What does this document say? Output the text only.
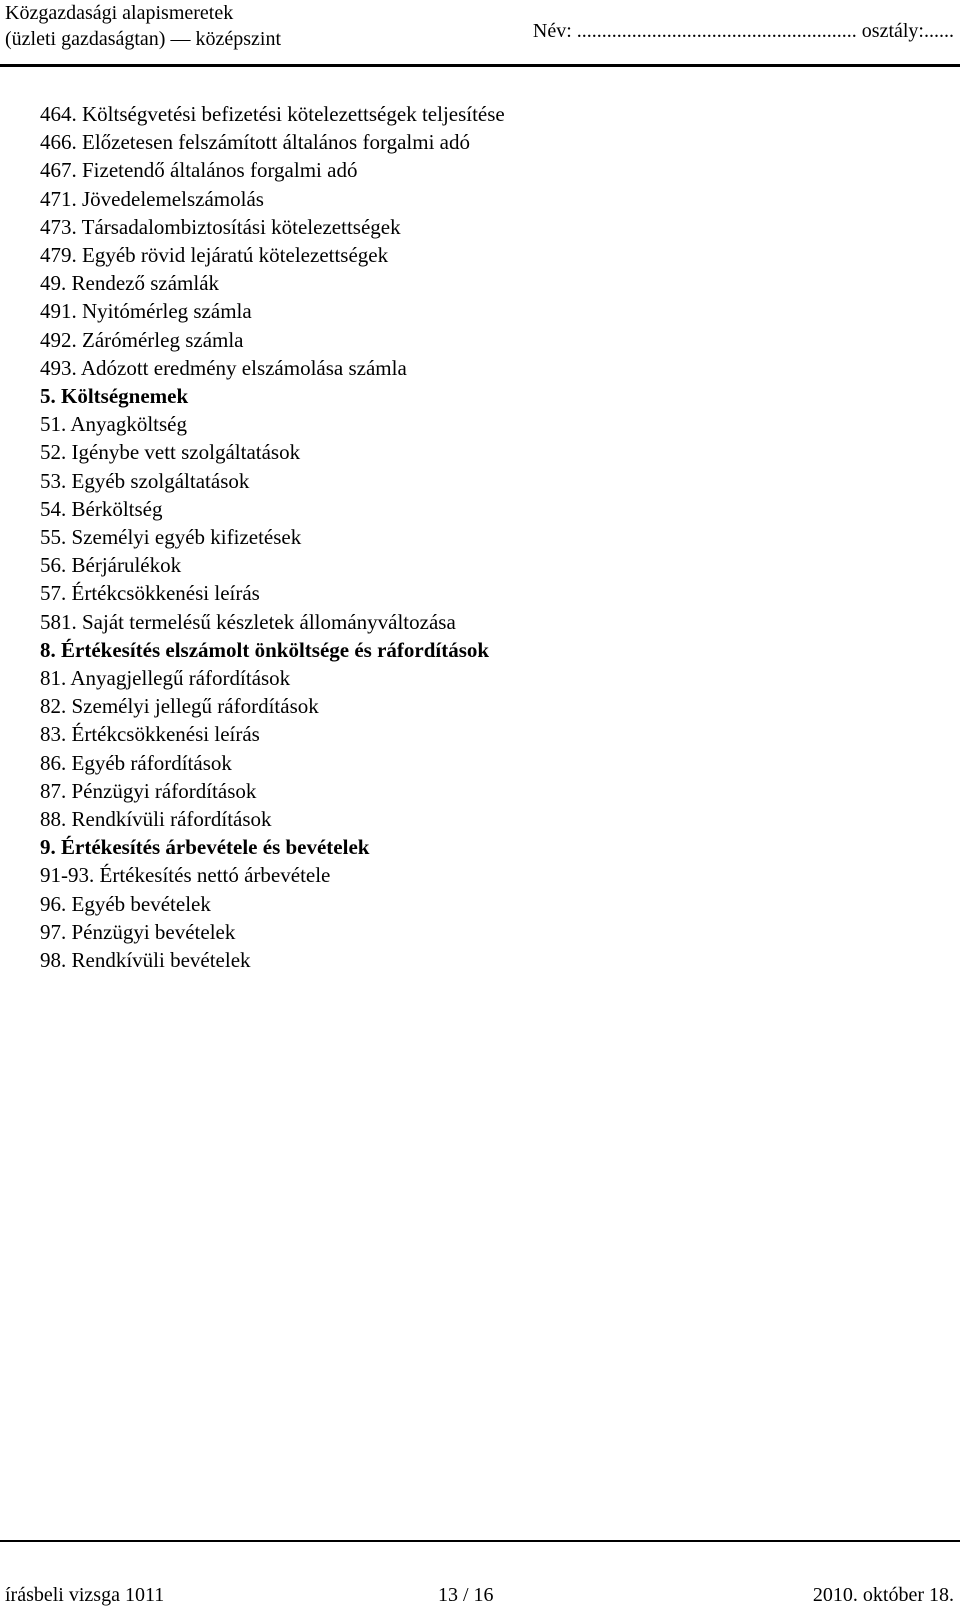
Közgazdasági alapismeretek
(üzleti gazdaságtan) — középszint	Név: ........................................................ osztály:......
464. Költségvetési befizetési kötelezettségek teljesítése
466. Előzetesen felszámított általános forgalmi adó
467. Fizetendő általános forgalmi adó
471. Jövedelemelszámolás
473. Társadalombiztosítási kötelezettségek
479. Egyéb rövid lejáratú kötelezettségek
49. Rendező számlák
491. Nyitómérleg számla
492. Zárómérleg számla
493. Adózott eredmény elszámolása számla
5. Költségnemek
51. Anyagköltség
52. Igénybe vett szolgáltatások
53. Egyéb szolgáltatások
54. Bérköltség
55. Személyi egyéb kifizetések
56. Bérjárulékok
57. Értékcsökkenési leírás
581. Saját termelésű készletek állományváltozása
8. Értékesítés elszámolt önköltsége és ráfordítások
81. Anyagjellegű ráfordítások
82. Személyi jellegű ráfordítások
83. Értékcsökkenési leírás
86. Egyéb ráfordítások
87. Pénzügyi ráfordítások
88. Rendkívüli ráfordítások
9. Értékesítés árbevétele és bevételek
91-93. Értékesítés nettó árbevétele
96. Egyéb bevételek
97. Pénzügyi bevételek
98. Rendkívüli bevételek
írásbeli vizsga 1011	13 / 16	2010. október 18.
